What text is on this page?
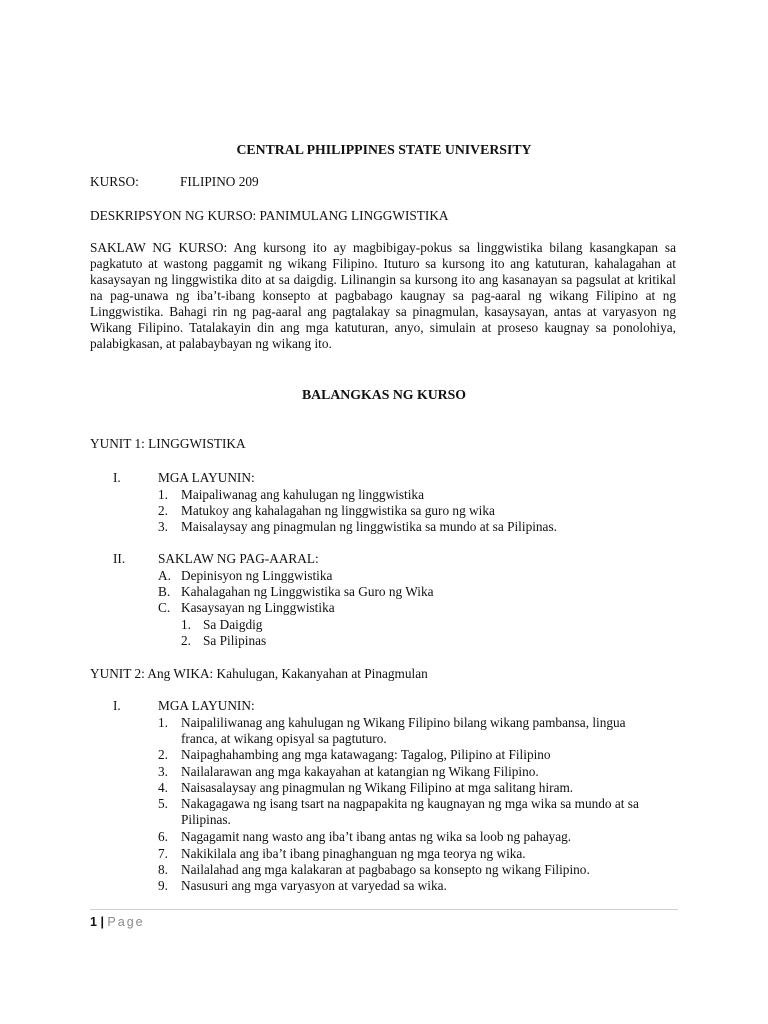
CENTRAL PHILIPPINES STATE UNIVERSITY
KURSO:	FILIPINO 209
DESKRIPSYON NG KURSO: PANIMULANG LINGGWISTIKA
SAKLAW NG KURSO: Ang kursong ito ay magbibigay-pokus sa linggwistika bilang kasangkapan sa pagkatuto at wastong paggamit ng wikang Filipino. Ituturo sa kursong ito ang katuturan, kahalagahan at kasaysayan ng linggwistika dito at sa daigdig. Lilinangin sa kursong ito ang kasanayan sa pagsulat at kritikal na pag-unawa ng iba’t-ibang konsepto at pagbabago kaugnay sa pag-aaral ng wikang Filipino at ng Linggwistika. Bahagi rin ng pag-aaral ang pagtalakay sa pinagmulan, kasaysayan, antas at varyasyon ng Wikang Filipino. Tatalakayin din ang mga katuturan, anyo, simulain at proseso kaugnay sa ponolohiya, palabigkasan, at palabaybayan ng wikang ito.
BALANGKAS NG KURSO
YUNIT 1: LINGGWISTIKA
I.	MGA LAYUNIN:
1. Maipaliwanag ang kahulugan ng linggwistika
2. Matukoy ang kahalagahan ng linggwistika sa guro ng wika
3. Maisalaysay ang pinagmulan ng linggwistika sa mundo at sa Pilipinas.
II. SAKLAW NG PAG-AARAL:
A. Depinisyon ng Linggwistika
B. Kahalagahan ng Linggwistika sa Guro ng Wika
C. Kasaysayan ng Linggwistika
1. Sa Daigdig
2. Sa Pilipinas
YUNIT 2: Ang WIKA: Kahulugan, Kakanyahan at Pinagmulan
I.	MGA LAYUNIN:
1. Naipaliliwanag ang kahulugan ng Wikang Filipino bilang wikang pambansa, lingua
franca, at wikang opisyal sa pagtuturo.
2. Naipaghahambing ang mga katawagang: Tagalog, Pilipino at Filipino
3. Nailalarawan ang mga kakayahan at katangian ng Wikang Filipino.
4. Naisasalaysay ang pinagmulan ng Wikang Filipino at mga salitang hiram.
5. Nakagagawa ng isang tsart na nagpapakita ng kaugnayan ng mga wika sa mundo at sa
Pilipinas.
6. Nagagamit nang wasto ang iba’t ibang antas ng wika sa loob ng pahayag.
7. Nakikilala ang iba’t ibang pinaghanguan ng mga teorya ng wika.
8. Nailalahad ang mga kalakaran at pagbabago sa konsepto ng wikang Filipino.
9. Nasusuri ang mga varyasyon at varyedad sa wika.
1 | Page
